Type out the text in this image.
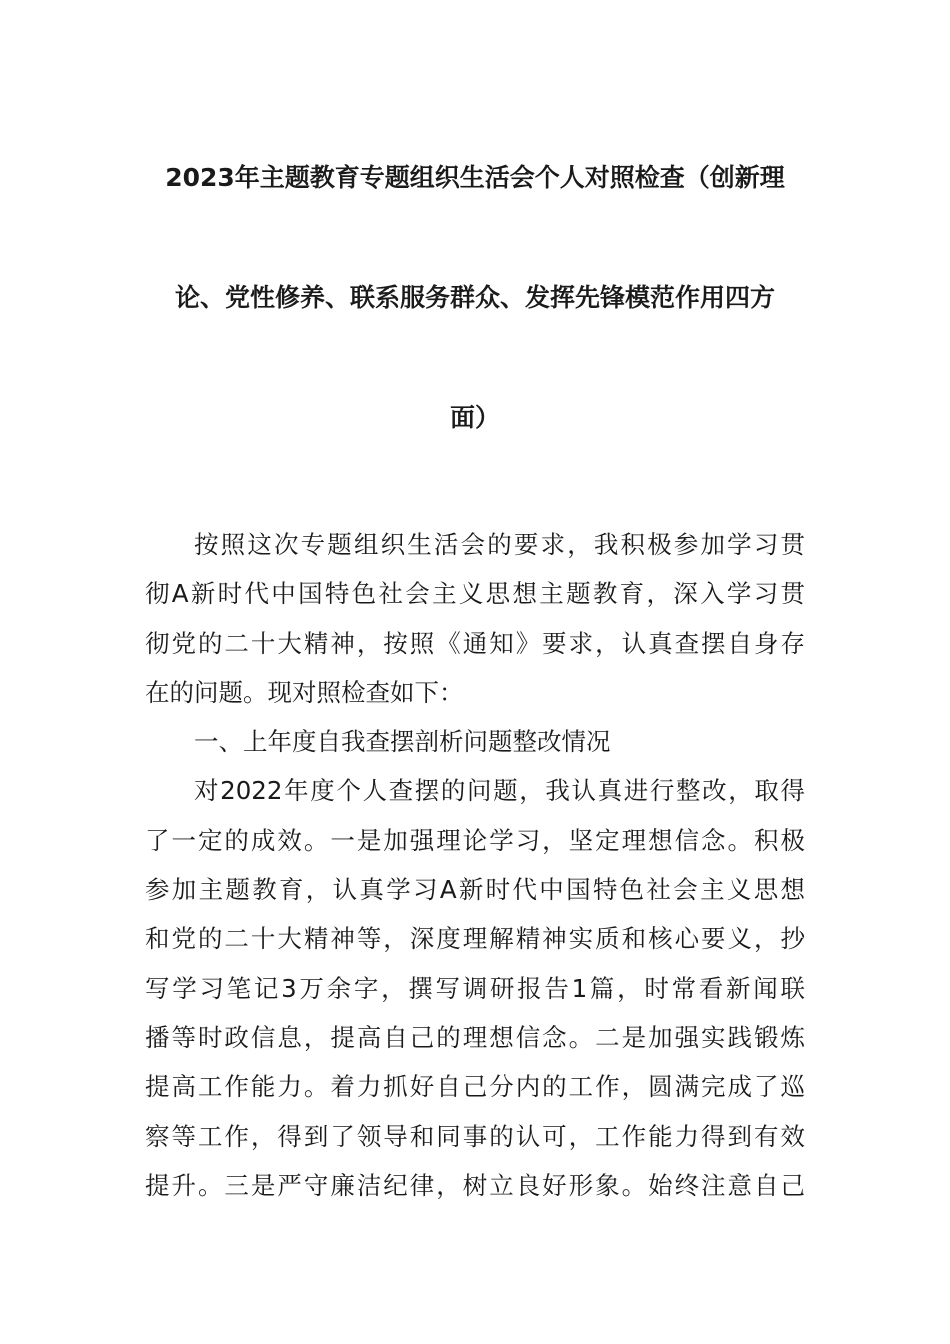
2023年主题教育专题组织生活会个人对照检查（创新理
论、党性修养、联系服务群众、发挥先锋模范作用四方
面）
按照这次专题组织生活会的要求，我积极参加学习贯
彻A新时代中国特色社会主义思想主题教育，深入学习贯
彻党的二十大精神，按照《通知》要求，认真查摆自身存
在的问题。现对照检查如下：
一、上年度自我查摆剖析问题整改情况
对2022年度个人查摆的问题，我认真进行整改，取得
了一定的成效。一是加强理论学习，坚定理想信念。积极
参加主题教育，认真学习A新时代中国特色社会主义思想
和党的二十大精神等，深度理解精神实质和核心要义，抄
写学习笔记3万余字，撰写调研报告1篇，时常看新闻联
播等时政信息，提高自己的理想信念。二是加强实践锻炼
提高工作能力。着力抓好自己分内的工作，圆满完成了巡
察等工作，得到了领导和同事的认可，工作能力得到有效
提升。三是严守廉洁纪律，树立良好形象。始终注意自己
